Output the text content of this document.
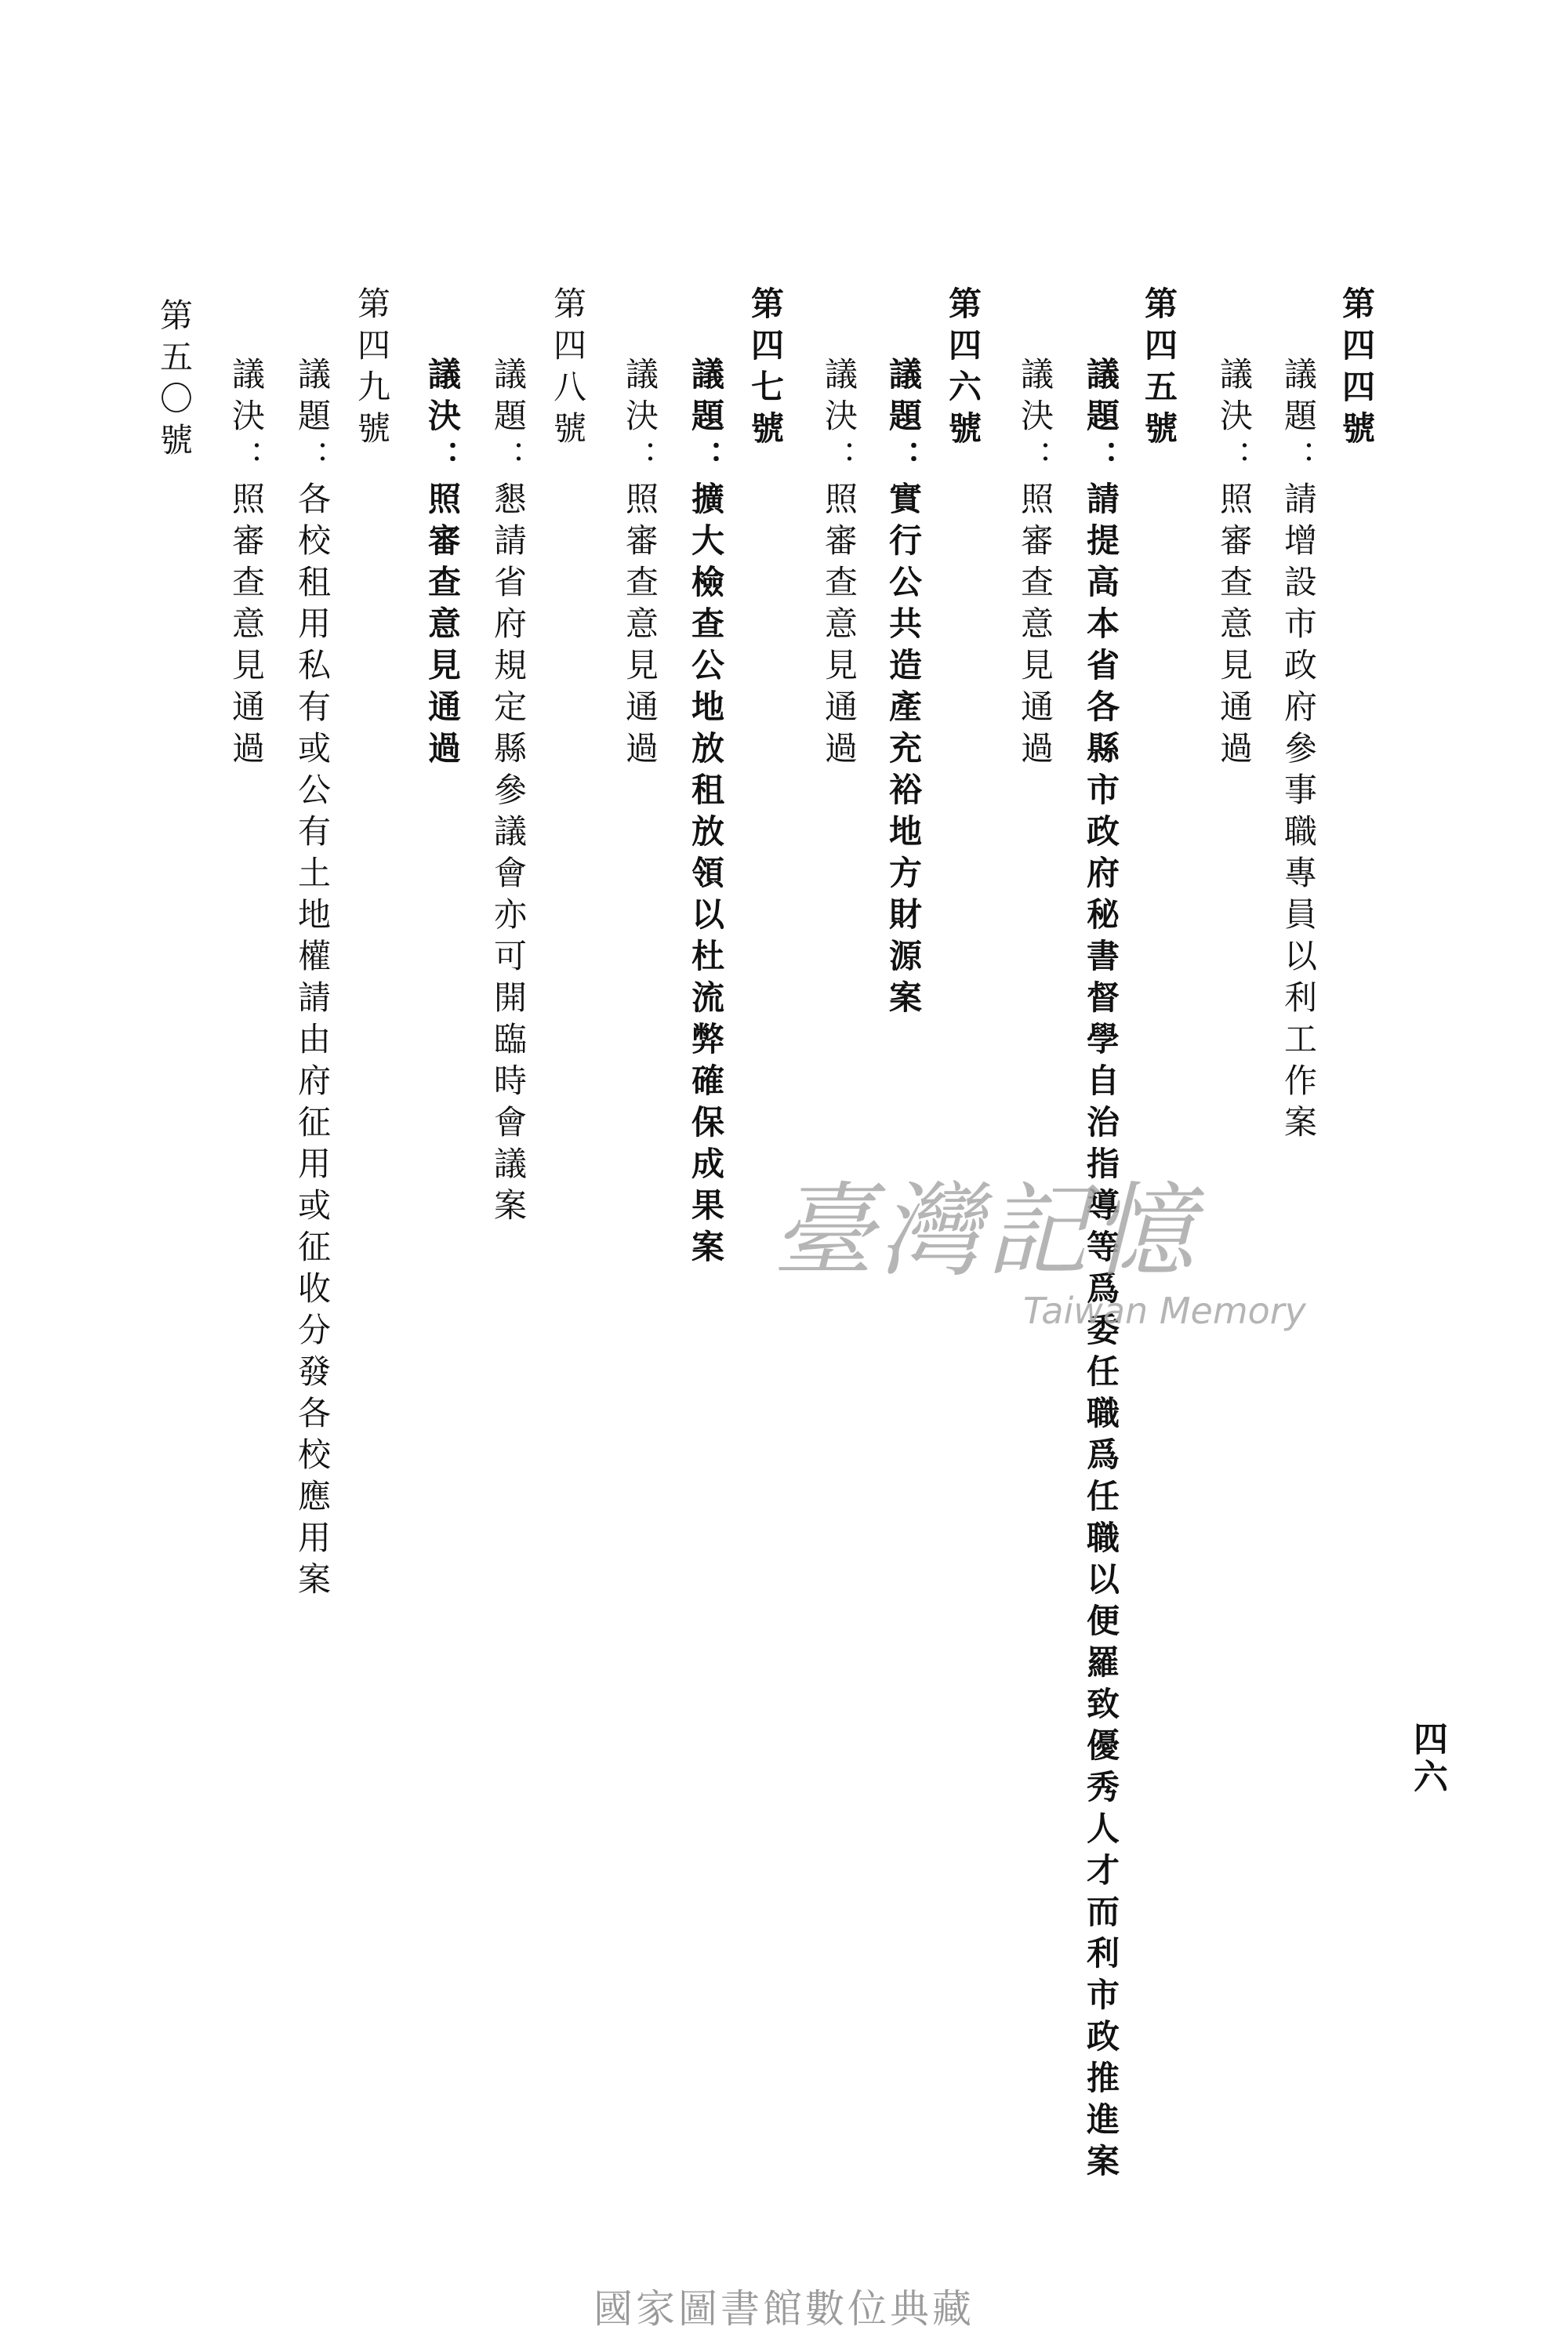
第四四號
議題：請增設市政府參事職專員以利工作案
議決：照審查意見通過
第四五號
議題：請提高本省各縣市政府秘書督學自治指導等爲委任職爲任職以便羅致優秀人才而利市政推進案
議決：照審查意見通過
第四六號
議題：實行公共造產充裕地方財源案
議決：照審查意見通過
第四七號
議題：擴大檢查公地放租放領以杜流弊確保成果案
議決：照審查意見通過
第四八號
議題：懇請省府規定縣參議會亦可開臨時會議案
議決：照審查意見通過
第四九號
議題：各校租用私有或公有土地權請由府征用或征收分發各校應用案
議決：照審查意見通過
第五〇號
四六
臺灣記憶
Taiwan Memory
國家圖書館數位典藏
